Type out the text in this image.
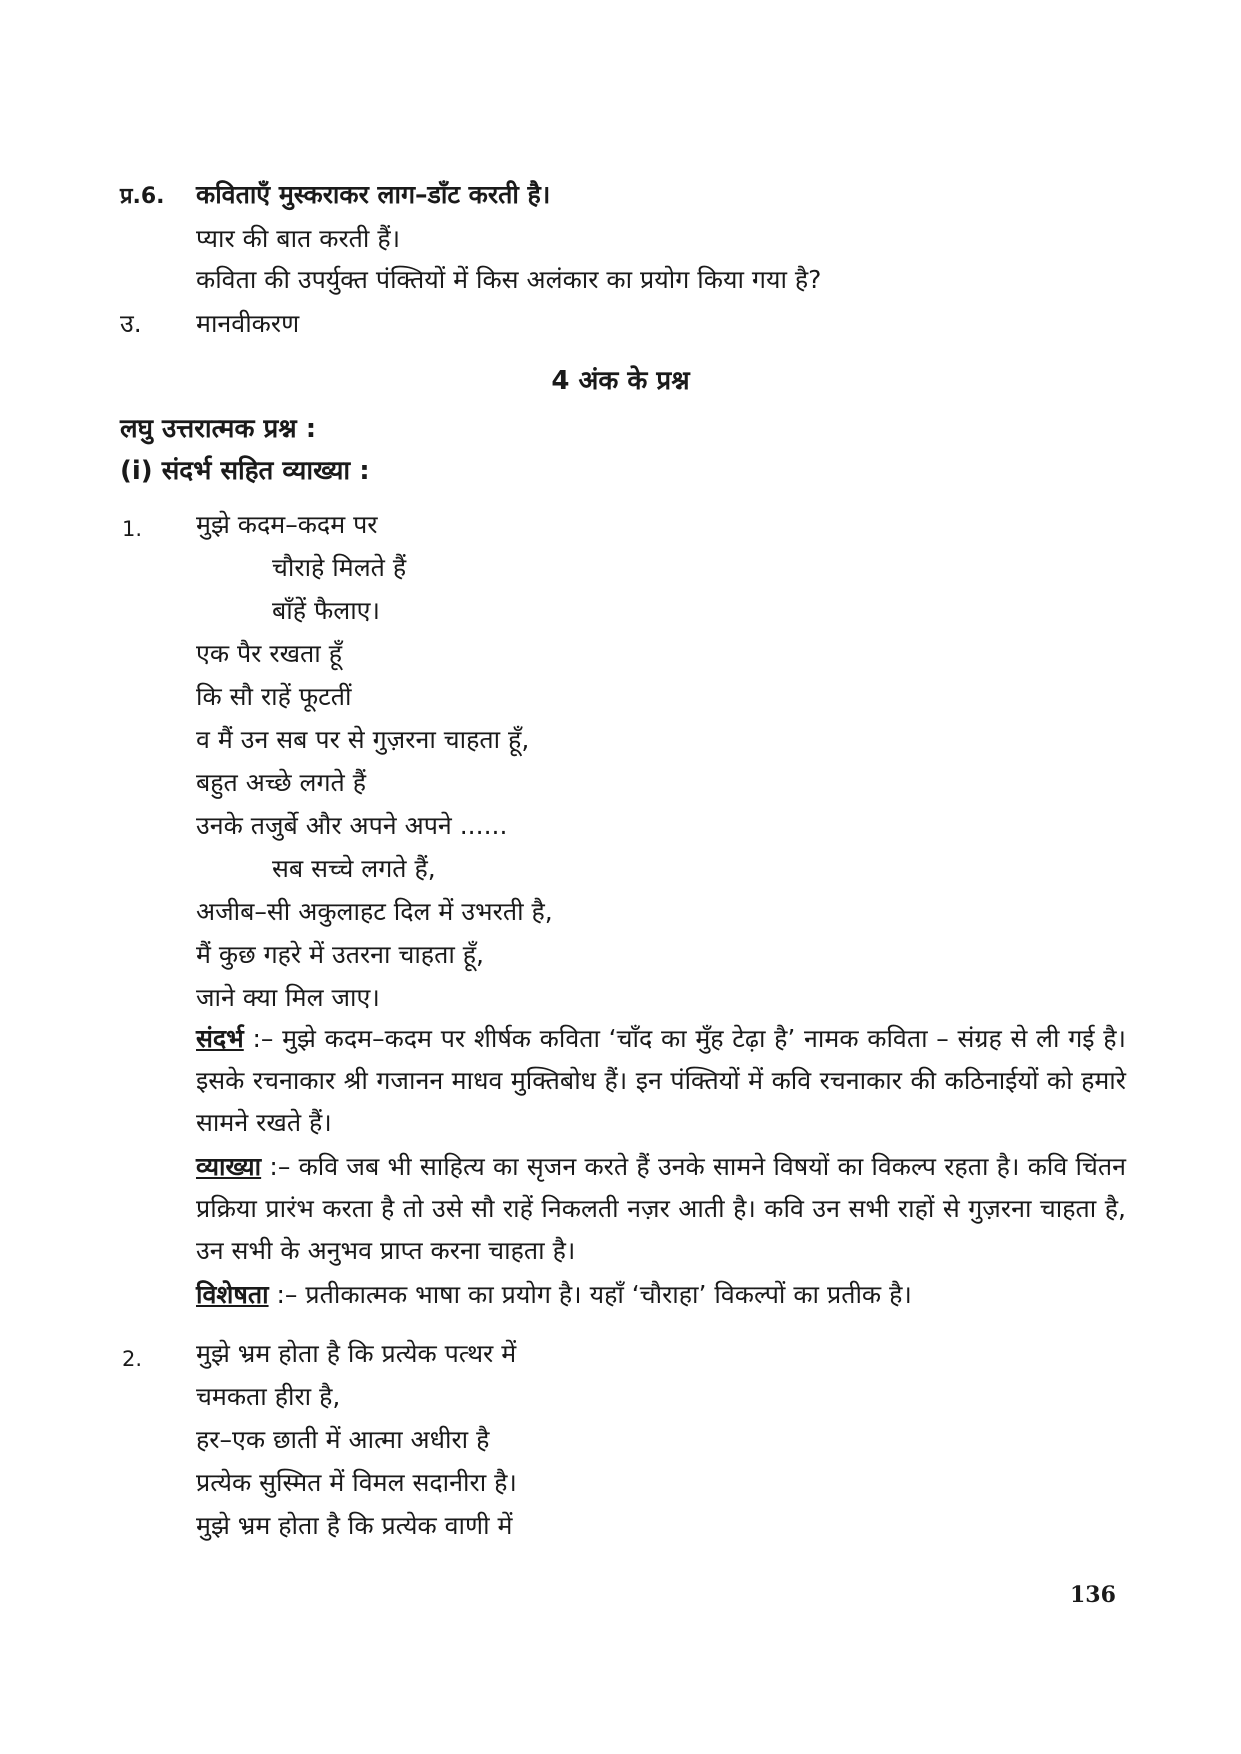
प्र.6. कविताएँ मुस्कराकर लाग–डाँट करती है।
प्यार की बात करती हैं।
कविता की उपर्युक्त पंक्तियों में किस अलंकार का प्रयोग किया गया है?
उ. मानवीकरण
4 अंक के प्रश्न
लघु उत्तरात्मक प्रश्न :
(i) संदर्भ सहित व्याख्या :
1. मुझे कदम–कदम पर
चौराहे मिलते हैं
बाँहें फैलाए।
एक पैर रखता हूँ
कि सौ राहें फूटतीं
व मैं उन सब पर से गुज़रना चाहता हूँ,
बहुत अच्छे लगते हैं
उनके तजुर्बे और अपने अपने ......
सब सच्चे लगते हैं,
अजीब–सी अकुलाहट दिल में उभरती है,
मैं कुछ गहरे में उतरना चाहता हूँ,
जाने क्या मिल जाए।
संदर्भ :– मुझे कदम–कदम पर शीर्षक कविता ‘चाँद का मुँह टेढ़ा है’ नामक कविता – संग्रह से ली गई है। इसके रचनाकार श्री गजानन माधव मुक्तिबोध हैं। इन पंक्तियों में कवि रचनाकार की कठिनाईयों को हमारे सामने रखते हैं।
व्याख्या :– कवि जब भी साहित्य का सृजन करते हैं उनके सामने विषयों का विकल्प रहता है। कवि चिंतन प्रक्रिया प्रारंभ करता है तो उसे सौ राहें निकलती नज़र आती है। कवि उन सभी राहों से गुज़रना चाहता है, उन सभी के अनुभव प्राप्त करना चाहता है।
विशेषता :– प्रतीकात्मक भाषा का प्रयोग है। यहाँ ‘चौराहा’ विकल्पों का प्रतीक है।
2. मुझे भ्रम होता है कि प्रत्येक पत्थर में
चमकता हीरा है,
हर–एक छाती में आत्मा अधीरा है
प्रत्येक सुस्मित में विमल सदानीरा है।
मुझे भ्रम होता है कि प्रत्येक वाणी में
136
